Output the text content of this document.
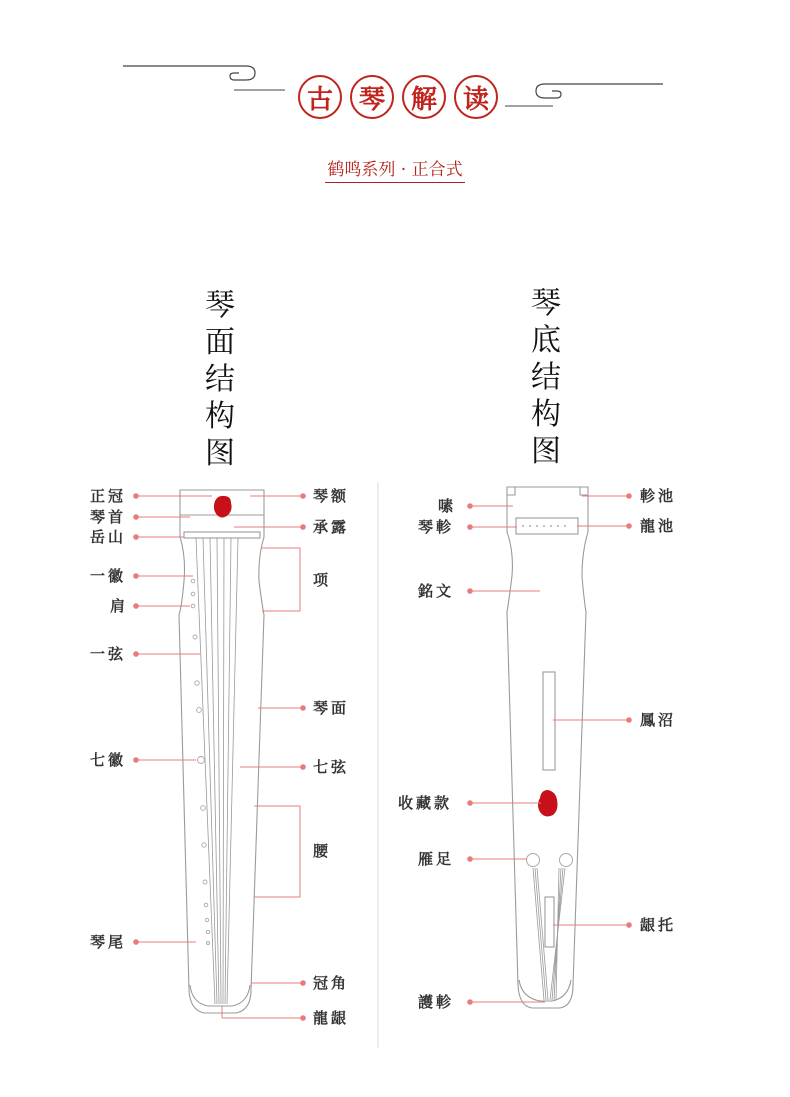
古 琴 解 读
鹤鸣系列 · 正合式
琴
面
结
构
图
琴
底
结
构
图
正冠
琴首
岳山
一徽
肩
一弦
七徽
琴尾
琴额
承露
项
琴面
七弦
腰
冠角
龍龈
嗉
琴軫
銘文
收藏款
雁足
護軫
軫池
龍池
鳳沼
龈托
